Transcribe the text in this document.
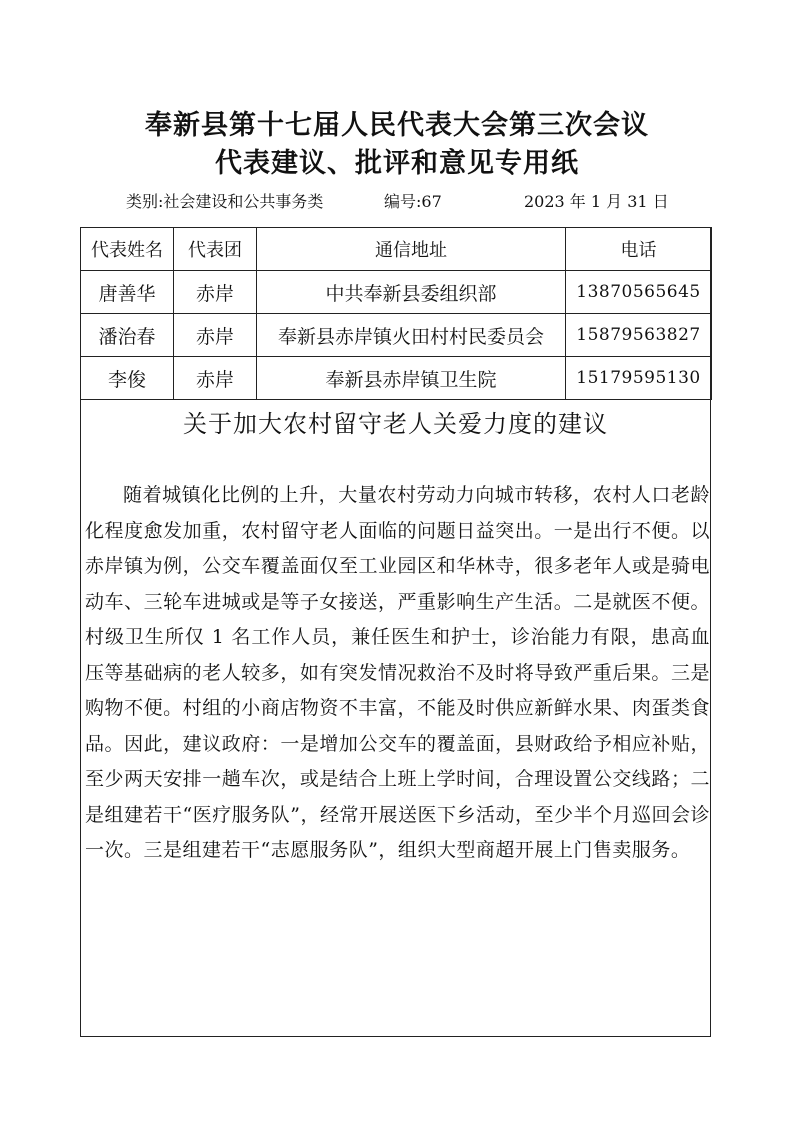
奉新县第十七届人民代表大会第三次会议
代表建议、批评和意见专用纸
类别:社会建设和公共事务类	编号:67	2023 年 1 月 31 日
代表姓名	代表团	通信地址	电话
唐善华	赤岸	中共奉新县委组织部	13870565645
潘治春	赤岸	奉新县赤岸镇火田村村民委员会	15879563827
李俊	赤岸	奉新县赤岸镇卫生院	15179595130
关于加大农村留守老人关爱力度的建议

随着城镇化比例的上升，大量农村劳动力向城市转移，农村人口老龄化程度愈发加重，农村留守老人面临的问题日益突出。一是出行不便。以赤岸镇为例，公交车覆盖面仅至工业园区和华林寺，很多老年人或是骑电动车、三轮车进城或是等子女接送，严重影响生产生活。二是就医不便。村级卫生所仅 1 名工作人员，兼任医生和护士，诊治能力有限，患高血压等基础病的老人较多，如有突发情况救治不及时将导致严重后果。三是购物不便。村组的小商店物资不丰富，不能及时供应新鲜水果、肉蛋类食品。因此，建议政府：一是增加公交车的覆盖面，县财政给予相应补贴，至少两天安排一趟车次，或是结合上班上学时间，合理设置公交线路；二是组建若干“医疗服务队”，经常开展送医下乡活动，至少半个月巡回会诊一次。三是组建若干“志愿服务队”，组织大型商超开展上门售卖服务。
